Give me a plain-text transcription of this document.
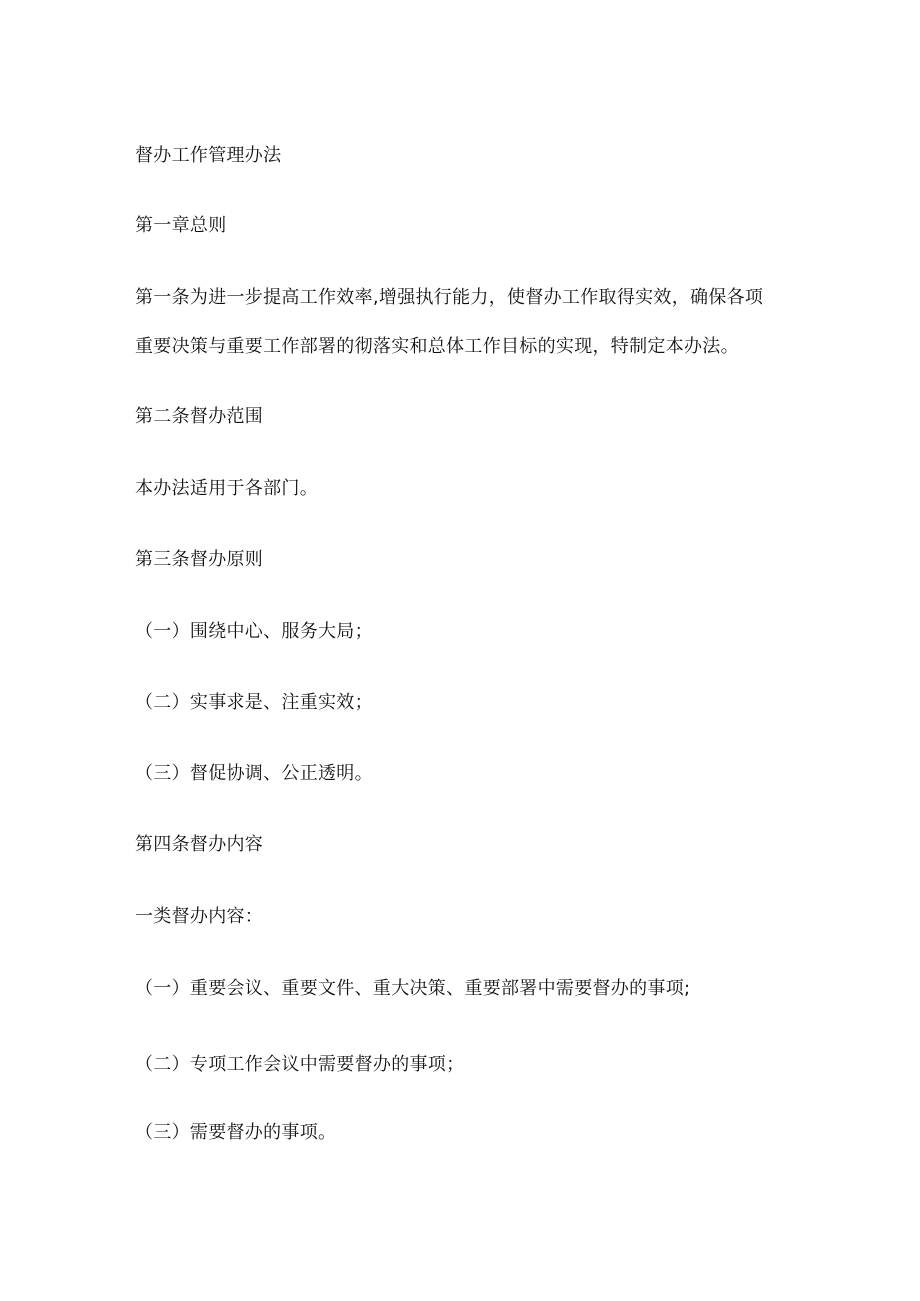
督办工作管理办法
第一章总则
第一条为进一步提高工作效率,增强执行能力，使督办工作取得实效，确保各项
重要决策与重要工作部署的彻落实和总体工作目标的实现，特制定本办法。
第二条督办范围
本办法适用于各部门。
第三条督办原则
（一）围绕中心、服务大局；
（二）实事求是、注重实效；
（三）督促协调、公正透明。
第四条督办内容
一类督办内容：
（一）重要会议、重要文件、重大决策、重要部署中需要督办的事项;
（二）专项工作会议中需要督办的事项；
（三）需要督办的事项。
